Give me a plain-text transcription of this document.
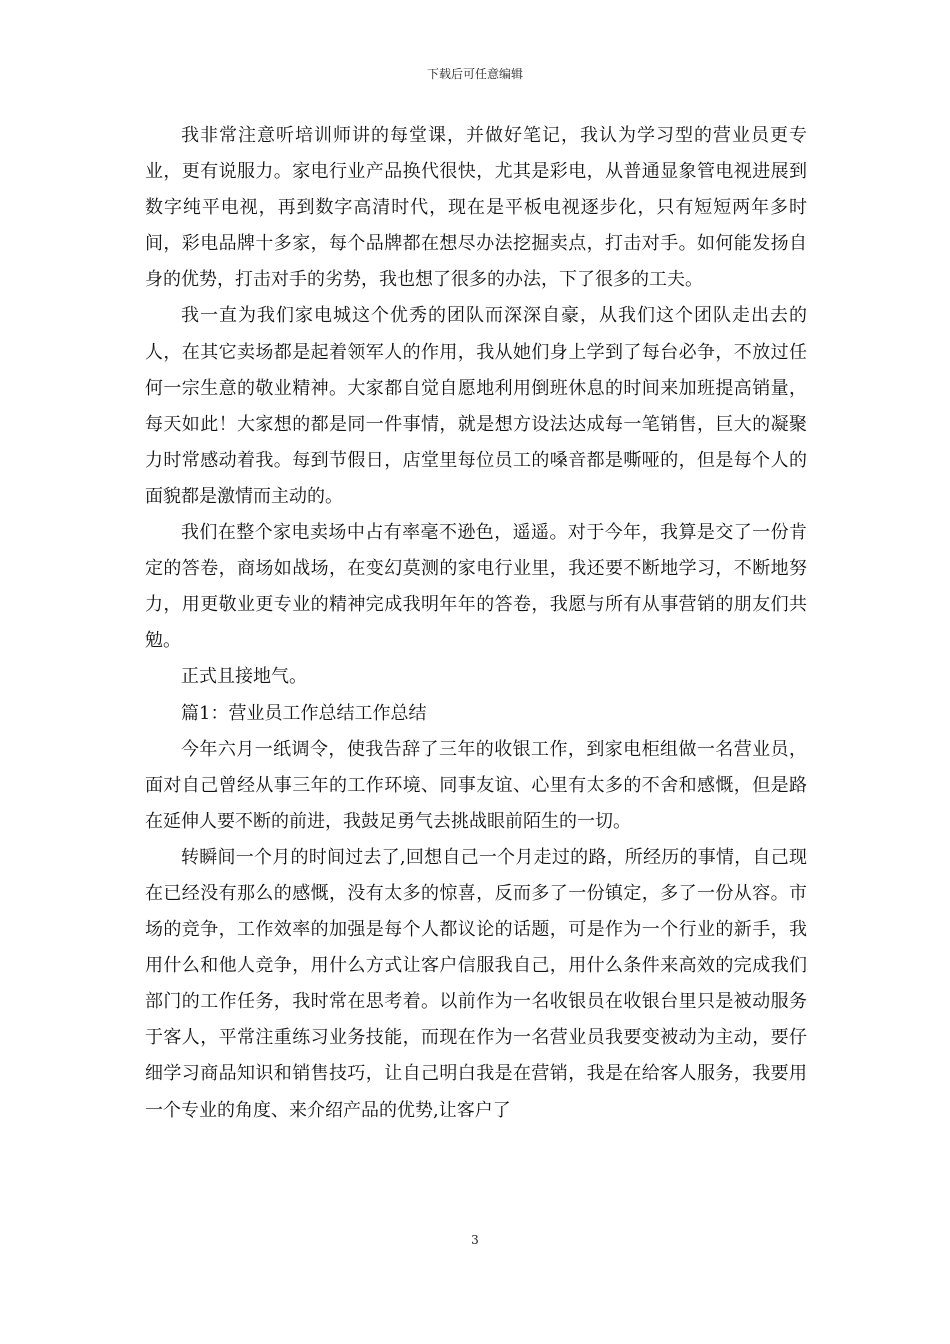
下载后可任意编辑

我非常注意听培训师讲的每堂课，并做好笔记，我认为学习型的营业员更专业，更有说服力。家电行业产品换代很快，尤其是彩电，从普通显象管电视进展到数字纯平电视，再到数字高清时代，现在是平板电视逐步化，只有短短两年多时间，彩电品牌十多家，每个品牌都在想尽办法挖掘卖点，打击对手。如何能发扬自身的优势，打击对手的劣势，我也想了很多的办法，下了很多的工夫。

我一直为我们家电城这个优秀的团队而深深自豪，从我们这个团队走出去的人，在其它卖场都是起着领军人的作用，我从她们身上学到了每台必争，不放过任何一宗生意的敬业精神。大家都自觉自愿地利用倒班休息的时间来加班提高销量，每天如此！大家想的都是同一件事情，就是想方设法达成每一笔销售，巨大的凝聚力时常感动着我。每到节假日，店堂里每位员工的嗓音都是嘶哑的，但是每个人的面貌都是激情而主动的。

我们在整个家电卖场中占有率毫不逊色，遥遥。对于今年，我算是交了一份肯定的答卷，商场如战场，在变幻莫测的家电行业里，我还要不断地学习，不断地努力，用更敬业更专业的精神完成我明年年的答卷，我愿与所有从事营销的朋友们共勉。

正式且接地气。

篇1：营业员工作总结工作总结

今年六月一纸调令，使我告辞了三年的收银工作，到家电柜组做一名营业员，面对自己曾经从事三年的工作环境、同事友谊、心里有太多的不舍和感慨，但是路在延伸人要不断的前进，我鼓足勇气去挑战眼前陌生的一切。

转瞬间一个月的时间过去了,回想自己一个月走过的路，所经历的事情，自己现在已经没有那么的感慨，没有太多的惊喜，反而多了一份镇定，多了一份从容。市场的竞争，工作效率的加强是每个人都议论的话题，可是作为一个行业的新手，我用什么和他人竞争，用什么方式让客户信服我自己，用什么条件来高效的完成我们部门的工作任务，我时常在思考着。以前作为一名收银员在收银台里只是被动服务于客人，平常注重练习业务技能，而现在作为一名营业员我要变被动为主动，要仔细学习商品知识和销售技巧，让自己明白我是在营销，我是在给客人服务，我要用一个专业的角度、来介绍产品的优势,让客户了

3
